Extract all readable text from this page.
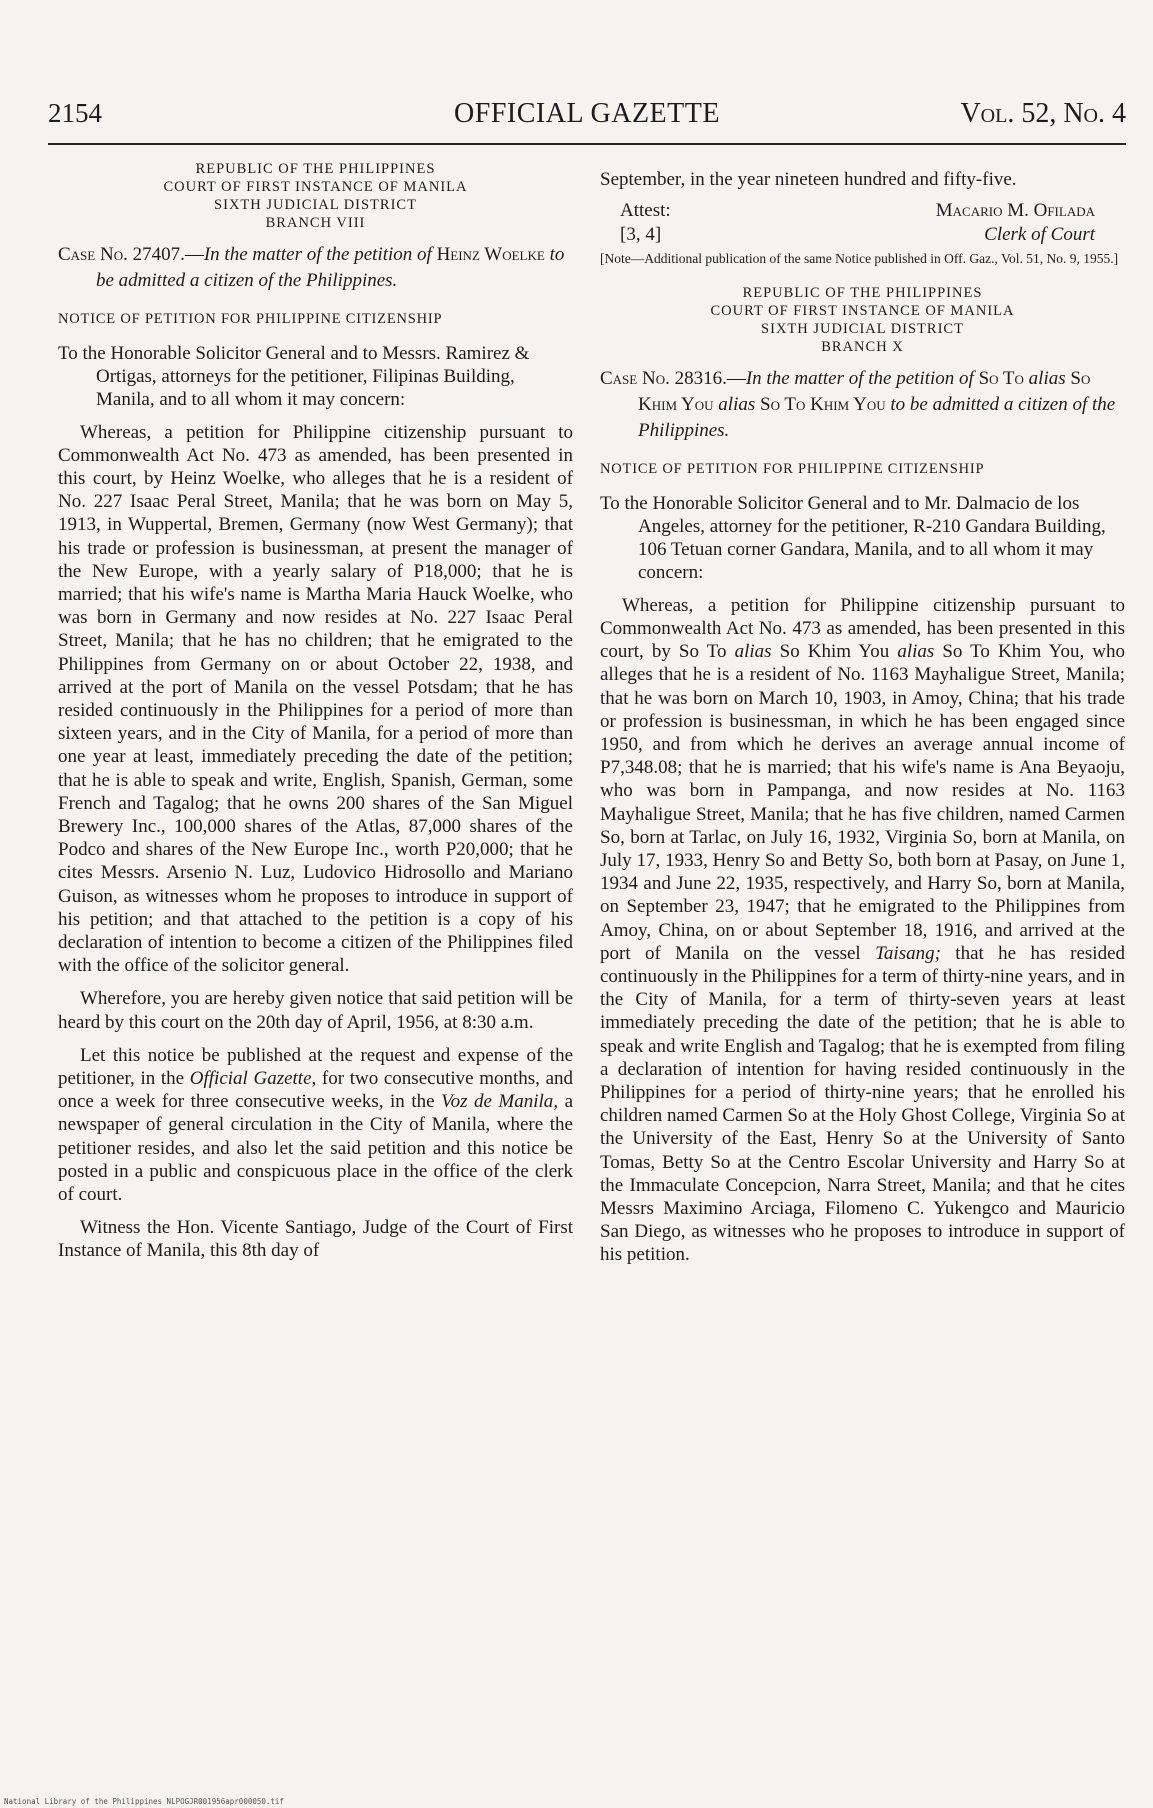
2154	OFFICIAL GAZETTE	Vol. 52, No. 4
REPUBLIC OF THE PHILIPPINES
COURT OF FIRST INSTANCE OF MANILA
SIXTH JUDICIAL DISTRICT
BRANCH VIII

Case No. 27407.—In the matter of the petition of Heinz Woelke to be admitted a citizen of the Philippines.

NOTICE OF PETITION FOR PHILIPPINE CITIZENSHIP

To the Honorable Solicitor General and to Messrs. Ramirez & Ortigas, attorneys for the petitioner, Filipinas Building, Manila, and to all whom it may concern:

Whereas, a petition for Philippine citizenship pursuant to Commonwealth Act No. 473 as amended, has been presented in this court, by Heinz Woelke, who alleges that he is a resident of No. 227 Isaac Peral Street, Manila; that he was born on May 5, 1913, in Wuppertal, Bremen, Germany (now West Germany); that his trade or profession is businessman, at present the manager of the New Europe, with a yearly salary of P18,000; that he is married; that his wife's name is Martha Maria Hauck Woelke, who was born in Germany and now resides at No. 227 Isaac Peral Street, Manila; that he has no children; that he emigrated to the Philippines from Germany on or about October 22, 1938, and arrived at the port of Manila on the vessel Potsdam; that he has resided continuously in the Philippines for a period of more than sixteen years, and in the City of Manila, for a period of more than one year at least, immediately preceding the date of the petition; that he is able to speak and write, English, Spanish, German, some French and Tagalog; that he owns 200 shares of the San Miguel Brewery Inc., 100,000 shares of the Atlas, 87,000 shares of the Podco and shares of the New Europe Inc., worth P20,000; that he cites Messrs. Arsenio N. Luz, Ludovico Hidrosollo and Mariano Guison, as witnesses whom he proposes to introduce in support of his petition; and that attached to the petition is a copy of his declaration of intention to become a citizen of the Philippines filed with the office of the solicitor general.

Wherefore, you are hereby given notice that said petition will be heard by this court on the 20th day of April, 1956, at 8:30 a.m.

Let this notice be published at the request and expense of the petitioner, in the Official Gazette, for two consecutive months, and once a week for three consecutive weeks, in the Voz de Manila, a newspaper of general circulation in the City of Manila, where the petitioner resides, and also let the said petition and this notice be posted in a public and conspicuous place in the office of the clerk of court.

Witness the Hon. Vicente Santiago, Judge of the Court of First Instance of Manila, this 8th day of

September, in the year nineteen hundred and fifty-five.

Attest:
[3, 4]
Macario M. Ofilada
Clerk of Court

[Note—Additional publication of the same Notice published in Off. Gaz., Vol. 51, No. 9, 1955.]

REPUBLIC OF THE PHILIPPINES
COURT OF FIRST INSTANCE OF MANILA
SIXTH JUDICIAL DISTRICT
BRANCH X

Case No. 28316.—In the matter of the petition of So To alias So Khim You alias So To Khim You to be admitted a citizen of the Philippines.

NOTICE OF PETITION FOR PHILIPPINE CITIZENSHIP

To the Honorable Solicitor General and to Mr. Dalmacio de los Angeles, attorney for the petitioner, R-210 Gandara Building, 106 Tetuan corner Gandara, Manila, and to all whom it may concern:

Whereas, a petition for Philippine citizenship pursuant to Commonwealth Act No. 473 as amended, has been presented in this court, by So To alias So Khim You alias So To Khim You, who alleges that he is a resident of No. 1163 Mayhaligue Street, Manila; that he was born on March 10, 1903, in Amoy, China; that his trade or profession is businessman, in which he has been engaged since 1950, and from which he derives an average annual income of P7,348.08; that he is married; that his wife's name is Ana Beyaoju, who was born in Pampanga, and now resides at No. 1163 Mayhaligue Street, Manila; that he has five children, named Carmen So, born at Tarlac, on July 16, 1932, Virginia So, born at Manila, on July 17, 1933, Henry So and Betty So, both born at Pasay, on June 1, 1934 and June 22, 1935, respectively, and Harry So, born at Manila, on September 23, 1947; that he emigrated to the Philippines from Amoy, China, on or about September 18, 1916, and arrived at the port of Manila on the vessel Taisang; that he has resided continuously in the Philippines for a term of thirty-nine years, and in the City of Manila, for a term of thirty-seven years at least immediately preceding the date of the petition; that he is able to speak and write English and Tagalog; that he is exempted from filing a declaration of intention for having resided continuously in the Philippines for a period of thirty-nine years; that he enrolled his children named Carmen So at the Holy Ghost College, Virginia So at the University of the East, Henry So at the University of Santo Tomas, Betty So at the Centro Escolar University and Harry So at the Immaculate Concepcion, Narra Street, Manila; and that he cites Messrs Maximino Arciaga, Filomeno C. Yukengco and Mauricio San Diego, as witnesses who he proposes to introduce in support of his petition.

National Library of the Philippines NLPOGJR001956apr000050.tif
